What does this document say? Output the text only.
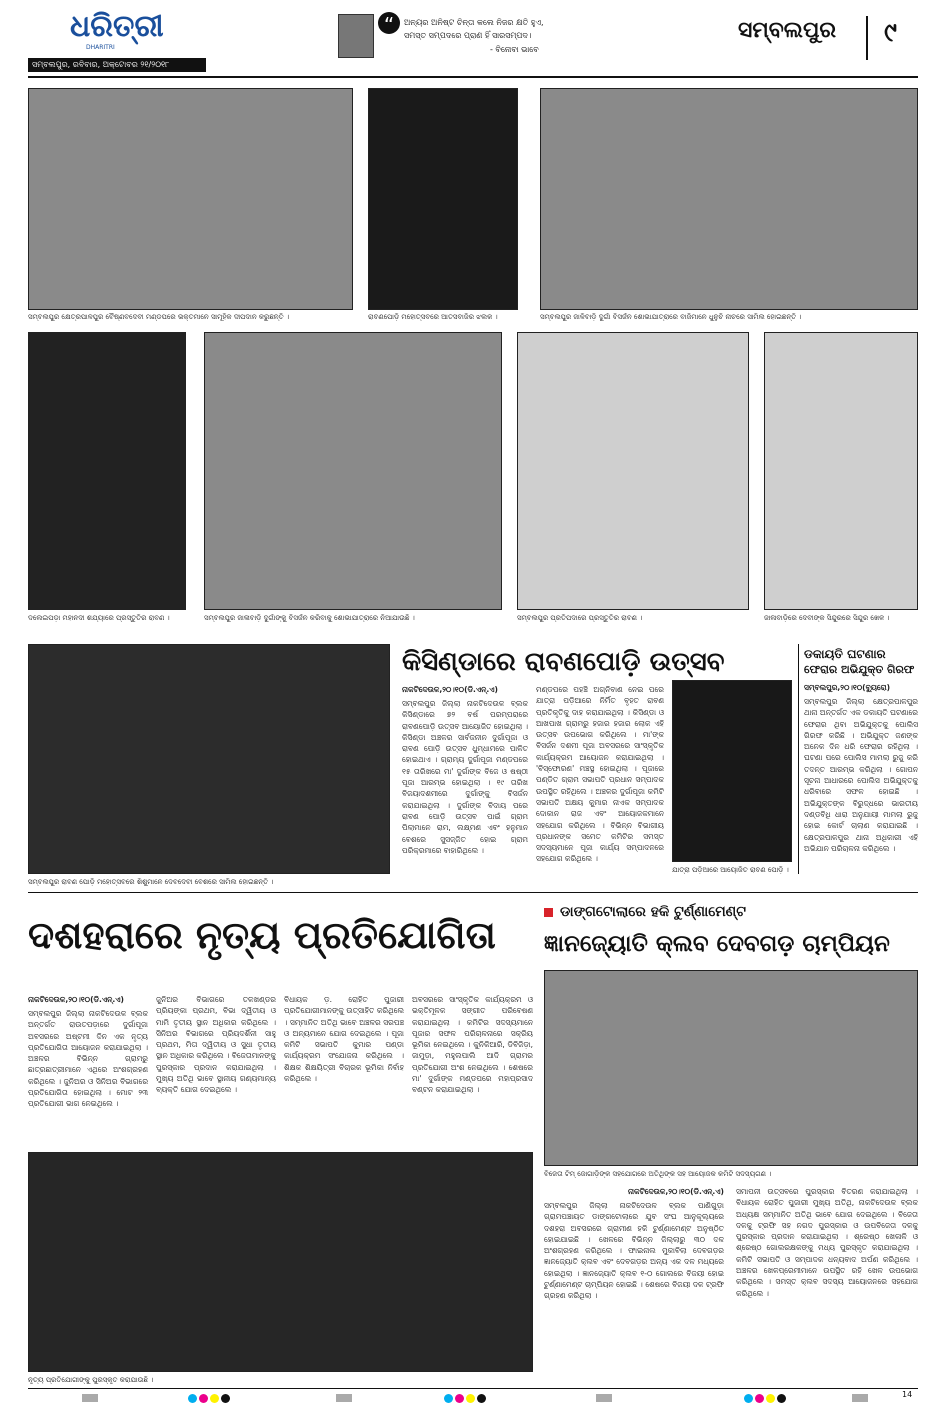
ଧରିତ୍ରୀ
DHARITRI
ସମ୍ବଲପୁର, ରବିବାର, ଅକ୍ଟୋବର ୨୧/୨୦୧୮
“	ଅନ୍ୟର ଅନିଷ୍ଟ ଚିନ୍ତା କଲେ ନିଜର କ୍ଷତି ହୁଏ,
ସମସ୍ତ ସମ୍ପଦରେ ପ୍ରାଣ ହିଁ ସାରସମ୍ପଦ।
- ବିନୋବା ଭାବେ
ସମ୍ବଲପୁର ୯
ସମ୍ବଲପୁର କ୍ଷେତ୍ରପାଳପୁର ବୈଷ୍ଣବଦେବୀ ମଣ୍ଡପରେ ଭକ୍ତମାନେ ସାମୂହିକ ଦୀପଦାନ କରୁଛନ୍ତି ।	ରାବଣପୋଡ଼ି ମହୋତ୍ସବରେ ଆତସବାଜିର ଝଲକ ।	ସମ୍ବଲପୁର ଜାଳିବାଡ଼ି ଦୁର୍ଗା ବିସର୍ଜନ ଶୋଭାଯାତ୍ରାରେ ବାଜିମାନେ ଧୁନୁଚି ନାଚରେ ସାମିଲ ହୋଇଛନ୍ତି ।
ଦଲେଇପଡ଼ା ମହାନଦୀ ଶଯ୍ୟାରେ ପ୍ରସ୍ତୁତିର ରାବଣ ।	ସମ୍ବଲପୁର ଜାଳାବାଡ଼ି ଦୁର୍ଗାଙ୍କୁ ବିସର୍ଜନ କରିବାକୁ ଶୋଭାଯାତ୍ରାରେ ନିଆଯାଉଛି ।	ସମ୍ବଲପୁର ପ୍ରତିପଦାରେ ପ୍ରସ୍ତୁତିର ରାବଣ ।	ଜାଳାବାଡ଼ିରେ ଦେବୀଙ୍କ ସିନ୍ଦୁରରେ ସିନ୍ଦୁର ଖେଳ ।
ସମ୍ବଲପୁର ରାବଣ ପୋଡ଼ି ମହୋତ୍ସବରେ ଶିଶୁମାନେ ଦେବଦେବୀ ବେଶରେ ସାମିଲ ହୋଇଛନ୍ତି ।
କିସିଣ୍ଡାରେ ରାବଣପୋଡ଼ି ଉତ୍ସବ
ନାକଟିଦେଉଳ,୨୦।୧୦(ଡି.ଏନ୍.ଏ)
ସମ୍ବଲପୁର ଜିଲ୍ଲା ନାକଟିଦେଉଳ ବ୍ଲକ କିସିଣ୍ଡାରେ ୭୨ ବର୍ଷ ପରମ୍ପରାରେ ରାବଣପୋଡ଼ି ଉତ୍ସବ ଆୟୋଜିତ ହୋଇଥିଲା । କିସିଣ୍ଡା ଅଞ୍ଚଳର ସାର୍ବଜନୀନ ଦୁର୍ଗାପୂଜା ଓ ରାବଣ ପୋଡ଼ି ଉତ୍ସବ ଧୁମ୍ଧାମରେ ପାଳିତ ହୋଇଥାଏ । ଗ୍ରାମ୍ୟ ଦୁର୍ଗାପୂଜା ମଣ୍ଡପରେ ୧୫ ତାରିଖରେ ମା' ଦୁର୍ଗାଙ୍କ ବିଜେ ଓ ଷଷ୍ଠୀ ପୂଜା ଆରମ୍ଭ ହୋଇଥିଲା । ୧୯ ତାରିଖ ବିଜୟାଦଶମୀରେ ଦୁର୍ଗାଙ୍କୁ ବିସର୍ଜନ କରାଯାଇଥିଲା । ଦୁର୍ଗାଙ୍କ ବିଦାୟ ପରେ ରାବଣ ପୋଡ଼ି ଉତ୍ସବ ପାଇଁ ଗ୍ରାମ ପିଲାମାନେ ରାମ, ଲକ୍ଷ୍ମଣ ଏବଂ ହନୁମାନ ବେଶରେ ସୁସଜ୍ଜିତ ହୋଇ ଗ୍ରାମ ପରିକ୍ରମାରେ ବାହାରିଥିଲେ ।
ମଣ୍ଡପରେ ପହଞ୍ଚି ଅଗ୍ନିବାଣ ନେଇ ପରେ ଯାତ୍ରା ପଡ଼ିଆରେ ନିର୍ମିତ ବୃହତ ରାବଣ ପ୍ରତିକୃତିକୁ ଦାହ କରାଯାଇଥିଲା । କିସିଣ୍ଡା ଓ ଆଖପାଖ ଗ୍ରାମରୁ ହଜାର ହଜାର ଲୋକ ଏହି ଉତ୍ସବ ଉପଭୋଗ କରିଥିଲେ । ମା'ଙ୍କ ବିସର୍ଜନ ଦଶମୀ ପୂଜା ଅବସରରେ ସାଂସ୍କୃତିକ କାର୍ଯ୍ୟକ୍ରମ ଆୟୋଜନ କରାଯାଇଥିଲା । 'ବିସ୍ଫୋରଣ' ମଞ୍ଚସ୍ଥ ହୋଇଥିଲା । ପୂଜାରେ ପଣ୍ଡିତ ଗ୍ରାମ ସଭାପତି ପ୍ରଧାନ ସମ୍ପାଦକ ଉପସ୍ଥିତ ରହିଥିଲେ । ଅଞ୍ଚଳର ଦୁର୍ଗାପୂଜା କମିଟି ସଭାପତି ଅକ୍ଷୟ କୁମାର ନାଏକ ସମ୍ପାଦକ ଦୋକାନ ରାଜ ଏବଂ ଆୟୋଜକମାନେ ସହଯୋଗ କରିଥିଲେ । ବିଭିନ୍ନ ବିଭାଗୀୟ ପ୍ରଧାନଙ୍କ ସମେତ କମିଟିର ସମସ୍ତ ସଦସ୍ୟମାନେ ପୂଜା କାର୍ଯ୍ୟ ସମ୍ପାଦନରେ ସହଯୋଗ କରିଥିଲେ ।
ଯାତ୍ରା ପଡ଼ିଆରେ ଆୟୋଜିତ ରାବଣ ପୋଡ଼ି ।
ଡକାୟତି ଘଟଣାର
ଫେରାର ଅଭିଯୁକ୍ତ ଗିରଫ
ସମ୍ବଲପୁର,୨୦।୧୦(ବ୍ୟୁରୋ)
ସମ୍ବଲପୁର ଜିଲ୍ଲା କ୍ଷେତ୍ରପାଳପୁର ଥାନା ଅନ୍ତର୍ଗତ ଏକ ଡକାୟତି ଘଟଣାରେ ଫେରାର ଥିବା ଅଭିଯୁକ୍ତକୁ ପୋଲିସ ଗିରଫ କରିଛି । ଅଭିଯୁକ୍ତ ଜଣଙ୍କ ଅନେକ ଦିନ ଧରି ଫେରାର ରହିଥିଲା । ଘଟଣା ପରେ ପୋଲିସ ମାମଲା ରୁଜୁ କରି ତଦନ୍ତ ଆରମ୍ଭ କରିଥିଲା । ଗୋପନ ସୂଚନା ଆଧାରରେ ପୋଲିସ ଅଭିଯୁକ୍ତକୁ ଧରିବାରେ ସଫଳ ହୋଇଛି । ଅଭିଯୁକ୍ତଙ୍କ ବିରୁଦ୍ଧରେ ଭାରତୀୟ ଦଣ୍ଡବିଧି ଧାରା ଅନୁଯାୟୀ ମାମଲା ରୁଜୁ ହୋଇ କୋର୍ଟ ଚାଲାଣ କରାଯାଇଛି । କ୍ଷେତ୍ରପାଳପୁର ଥାନା ଅଧିକାରୀ ଏହି ଅଭିଯାନ ପରିଚାଳନା କରିଥିଲେ ।
ଦଶହରାରେ ନୃତ୍ୟ ପ୍ରତିଯୋଗିତା
ନାକଟିଦେଉଳ,୨୦।୧୦(ଡି.ଏନ୍.ଏ)
ସମ୍ବଲପୁର ଜିଲ୍ଲା ନାକଟିଦେଉଳ ବ୍ଲକ ଅନ୍ତର୍ଗତ ରାଉତପଡ଼ାରେ ଦୁର୍ଗାପୂଜା ଅବସରରେ ଅଷ୍ଟମୀ ଦିନ ଏକ ନୃତ୍ୟ ପ୍ରତିଯୋଗିତା ଆୟୋଜନ କରାଯାଇଥିଲା । ଅଞ୍ଚଳର ବିଭିନ୍ନ ଗ୍ରାମରୁ ଛାତ୍ରଛାତ୍ରୀମାନେ ଏଥିରେ ଅଂଶଗ୍ରହଣ କରିଥିଲେ । ଜୁନିଅର ଓ ସିନିଅର ବିଭାଗରେ ପ୍ରତିଯୋଗିତା ହୋଇଥିଲା । ମୋଟ ୨୩ ପ୍ରତିଯୋଗୀ ଭାଗ ନେଇଥିଲେ ।
ଜୁନିଅର ବିଭାଗରେ ତଳଖଣ୍ଡର ପ୍ରିୟଙ୍କା ପ୍ରଥମ, ବିଭା ଦ୍ୱିତୀୟ ଓ ମାମି ତୃତୀୟ ସ୍ଥାନ ଅଧିକାର କରିଥିଲେ । ସିନିଅର ବିଭାଗରେ ପ୍ରିୟଦର୍ଶିନୀ ସାହୁ ପ୍ରଥମ, ମିତା ଦ୍ୱିତୀୟ ଓ ସୁଧା ତୃତୀୟ ସ୍ଥାନ ଅଧିକାର କରିଥିଲେ । ବିଜେତାମାନଙ୍କୁ ପୁରସ୍କାର ପ୍ରଦାନ କରାଯାଇଥିଲା । ମୁଖ୍ୟ ଅତିଥି ଭାବେ ସ୍ଥାନୀୟ ଗଣ୍ୟମାନ୍ୟ ବ୍ୟକ୍ତି ଯୋଗ ଦେଇଥିଲେ ।
ବିଧାୟକ ଡ଼. ରୋହିତ ପୁଜାରୀ ପ୍ରତିଯୋଗୀମାନଙ୍କୁ ଉତ୍ସାହିତ କରିଥିଲେ । ସମ୍ମାନିତ ଅତିଥି ଭାବେ ଅଞ୍ଚଳର ସରପଞ୍ଚ ଓ ଅନ୍ୟମାନେ ଯୋଗ ଦେଇଥିଲେ । ପୂଜା କମିଟି ସଭାପତି କୁମାର ପଣ୍ଡା କାର୍ଯ୍ୟକ୍ରମ ସଂଯୋଜନା କରିଥିଲେ । ଶିକ୍ଷକ ଶିକ୍ଷୟିତ୍ରୀ ବିଚାରକ ଭୂମିକା ନିର୍ବାହ କରିଥିଲେ ।
ଅବସରରେ ସାଂସ୍କୃତିକ କାର୍ଯ୍ୟକ୍ରମ ଓ ଭକ୍ତିମୂଳକ ସଙ୍ଗୀତ ପରିବେଷଣ କରାଯାଇଥିଲା । କମିଟିର ସଦସ୍ୟମାନେ ପୂଜାର ସଫଳ ପରିଚାଳନାରେ ସକ୍ରିୟ ଭୂମିକା ନେଇଥିଲେ । କୁନିକିଆରି, ଡିବିଜିଡ଼ା, ଜାମୁଡ଼ା, ମହୁଲପାଲି ଆଦି ଗ୍ରାମର ପ୍ରତିଯୋଗୀ ଅଂଶ ନେଇଥିଲେ । ଶେଷରେ ମା' ଦୁର୍ଗାଙ୍କ ମଣ୍ଡପରେ ମହାପ୍ରସାଦ ବଣ୍ଟନ କରାଯାଇଥିଲା ।
ନୃତ୍ୟ ପ୍ରତିଯୋଗୀଙ୍କୁ ପୁରସ୍କୃତ କରାଯାଉଛି ।
ଡାଙ୍ଗଟୋଲାରେ ହକି ଟୁର୍ଣ୍ଣାମେଣ୍ଟ
ଜ୍ଞାନଜ୍ୟୋତି କ୍ଲବ ଦେବଗଡ଼ ଚାମ୍ପିୟନ
ବିଜେତା ଟିମ୍ ଜୋଗାଡ଼ିଙ୍କ ସହଯୋଗରେ ଅତିଥିଙ୍କ ସହ ଆୟୋଜକ କମିଟି ସଦସ୍ୟଗଣ ।
ନାକଟିଦେଉଳ,୨୦।୧୦(ଡି.ଏନ୍.ଏ)
ସମ୍ବଲପୁର ଜିଲ୍ଲା ନାକଟିଦେଉଳ ବ୍ଲକ ପାଣିଗୁଡ଼ା ଗ୍ରାମପଞ୍ଚାୟତ ଡାଙ୍ଗଟୋଲାରେ ଯୁବ ସଂଘ ଆନୁକୂଲ୍ୟରେ ଦଶହରା ଅବସରରେ ଗ୍ରାମୀଣ ହକି ଟୁର୍ଣ୍ଣାମେଣ୍ଟ ଅନୁଷ୍ଠିତ ହୋଇଯାଇଛି । ଖେଳରେ ବିଭିନ୍ନ ଜିଲ୍ଲାରୁ ୩୦ ଦଳ ଅଂଶଗ୍ରହଣ କରିଥିଲେ । ଫାଇନାଲ ମୁକାବିଲା ଦେବଗଡ଼ର ଜ୍ଞାନଜ୍ୟୋତି କ୍ଲବ ଏବଂ ଦେବଗଡ଼ର ଅନ୍ୟ ଏକ ଦଳ ମଧ୍ୟରେ ହୋଇଥିଲା । ଜ୍ଞାନଜ୍ୟୋତି କ୍ଲବ ୧-୦ ଗୋଲରେ ବିଜୟୀ ହୋଇ ଟୁର୍ଣ୍ଣାମେଣ୍ଟ ଚାମ୍ପିୟନ ହୋଇଛି । ଶେଷରେ ବିଜୟୀ ଦଳ ଟ୍ରଫି ଗ୍ରହଣ କରିଥିଲା ।
ସମାପନୀ ଉତ୍ସବରେ ପୁରସ୍କାର ବିତରଣ କରାଯାଇଥିଲା । ବିଧାୟକ ରୋହିତ ପୁଜାରୀ ମୁଖ୍ୟ ଅତିଥି, ନାକଟିଦେଉଳ ବ୍ଲକ ଅଧ୍ୟକ୍ଷ ସମ୍ମାନିତ ଅତିଥି ଭାବେ ଯୋଗ ଦେଇଥିଲେ । ବିଜେତା ଦଳକୁ ଟ୍ରଫି ସହ ନଗଦ ପୁରସ୍କାର ଓ ଉପବିଜେତା ଦଳକୁ ପୁରସ୍କାର ପ୍ରଦାନ କରାଯାଇଥିଲା । ଶ୍ରେଷ୍ଠ ଖେଳାଳି ଓ ଶ୍ରେଷ୍ଠ ଗୋଲରକ୍ଷକଙ୍କୁ ମଧ୍ୟ ପୁରସ୍କୃତ କରାଯାଇଥିଲା । କମିଟି ସଭାପତି ଓ ସମ୍ପାଦକ ଧନ୍ୟବାଦ ଅର୍ପଣ କରିଥିଲେ । ଅଞ୍ଚଳର ଖେଳପ୍ରେମୀମାନେ ଉପସ୍ଥିତ ରହି ଖେଳ ଉପଭୋଗ କରିଥିଲେ । ସମସ୍ତ କ୍ଲବ ସଦସ୍ୟ ଆୟୋଜନରେ ସହଯୋଗ କରିଥିଲେ ।
14
